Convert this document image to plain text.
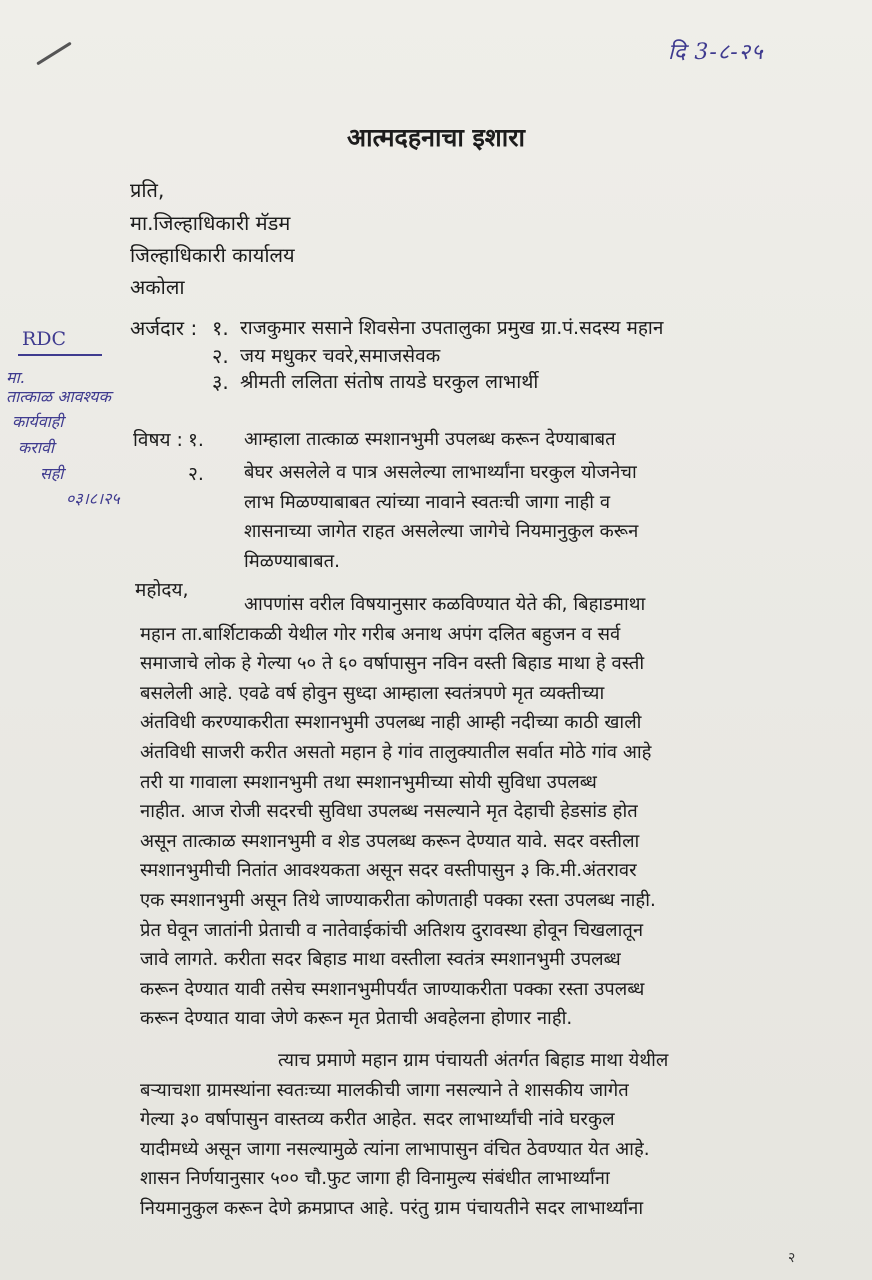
दि 3-८-२५
आत्मदहनाचा इशारा
प्रति,
मा.जिल्हाधिकारी मॅडम
जिल्हाधिकारी कार्यालय
अकोला
अर्जदार : १. राजकुमार ससाने शिवसेना उपतालुका प्रमुख ग्रा.पं.सदस्य महान
२. जय मधुकर चवरे,समाजसेवक
३. श्रीमती ललिता संतोष तायडे घरकुल लाभार्थी
RDC
मा.
तात्काळ आवश्यक
कार्यवाही
करावी
सही
०३।८।२५
विषय : १. आम्हाला तात्काळ स्मशानभुमी उपलब्ध करून देण्याबाबत
२. बेघर असलेले व पात्र असलेल्या लाभार्थ्यांना घरकुल योजनेचा
लाभ मिळण्याबाबत त्यांच्या नावाने स्वतःची जागा नाही व
शासनाच्या जागेत राहत असलेल्या जागेचे नियमानुकुल करून
मिळण्याबाबत.
महोदय,
आपणांस वरील विषयानुसार कळविण्यात येते की, बिहाडमाथा
महान ता.बार्शिटाकळी येथील गोर गरीब अनाथ अपंग दलित बहुजन व सर्व
समाजाचे लोक हे गेल्या ५० ते ६० वर्षापासुन नविन वस्ती बिहाड माथा हे वस्ती
बसलेली आहे. एवढे वर्ष होवुन सुध्दा आम्हाला स्वतंत्रपणे मृत व्यक्तीच्या
अंतविधी करण्याकरीता स्मशानभुमी उपलब्ध नाही आम्ही नदीच्या काठी खाली
अंतविधी साजरी करीत असतो महान हे गांव तालुक्यातील सर्वात मोठे गांव आहे
तरी या गावाला स्मशानभुमी तथा स्मशानभुमीच्या सोयी सुविधा उपलब्ध
नाहीत. आज रोजी सदरची सुविधा उपलब्ध नसल्याने मृत देहाची हेडसांड होत
असून तात्काळ स्मशानभुमी व शेड उपलब्ध करून देण्यात यावे. सदर वस्तीला
स्मशानभुमीची नितांत आवश्यकता असून सदर वस्तीपासुन ३ कि.मी.अंतरावर
एक स्मशानभुमी असून तिथे जाण्याकरीता कोणताही पक्का रस्ता उपलब्ध नाही.
प्रेत घेवून जातांनी प्रेताची व नातेवाईकांची अतिशय दुरावस्था होवून चिखलातून
जावे लागते. करीता सदर बिहाड माथा वस्तीला स्वतंत्र स्मशानभुमी उपलब्ध
करून देण्यात यावी तसेच स्मशानभुमीपर्यंत जाण्याकरीता पक्का रस्ता उपलब्ध
करून देण्यात यावा जेणे करून मृत प्रेताची अवहेलना होणार नाही.
त्याच प्रमाणे महान ग्राम पंचायती अंतर्गत बिहाड माथा येथील
बऱ्याचशा ग्रामस्थांना स्वतःच्या मालकीची जागा नसल्याने ते शासकीय जागेत
गेल्या ३० वर्षापासुन वास्तव्य करीत आहेत. सदर लाभार्थ्यांची नांवे घरकुल
यादीमध्ये असून जागा नसल्यामुळे त्यांना लाभापासुन वंचित ठेवण्यात येत आहे.
शासन निर्णयानुसार ५०० चौ.फुट जागा ही विनामुल्य संबंधीत लाभार्थ्यांना
नियमानुकुल करून देणे क्रमप्राप्त आहे. परंतु ग्राम पंचायतीने सदर लाभार्थ्यांना
२
